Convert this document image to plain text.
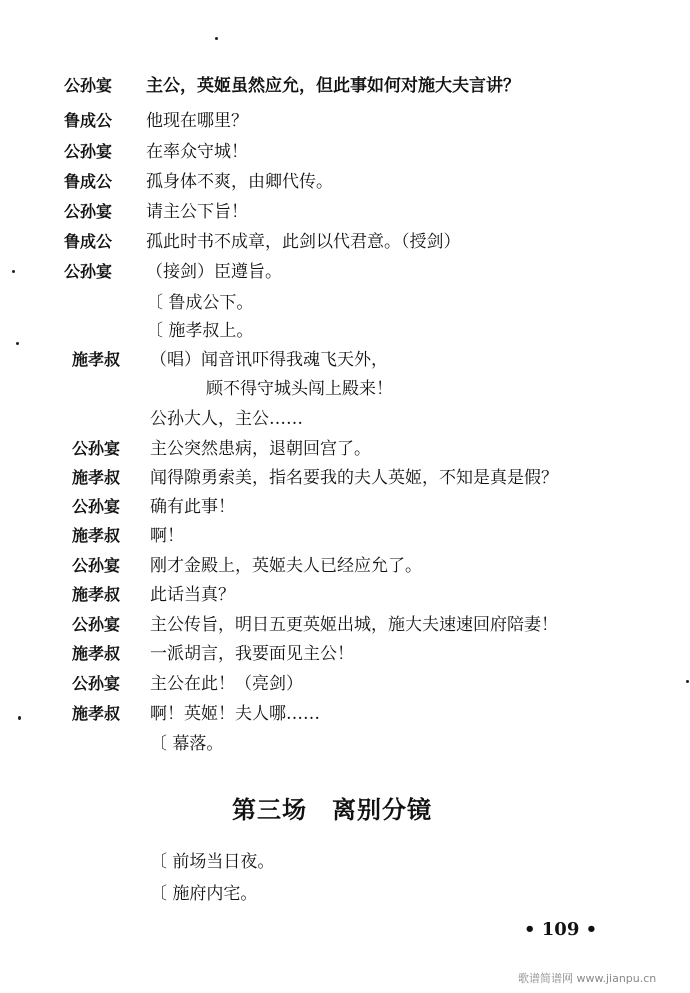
公孙宴 主公，英姬虽然应允，但此事如何对施大夫言讲？
鲁成公 他现在哪里？
公孙宴 在率众守城！
鲁成公 孤身体不爽，由卿代传。
公孙宴 请主公下旨！
鲁成公 孤此时书不成章，此剑以代君意。（授剑）
公孙宴 （接剑）臣遵旨。
〔 鲁成公下。
〔 施孝叔上。
施孝叔 （唱）闻音讯吓得我魂飞天外，
顾不得守城头闯上殿来！
公孙大人，主公……
公孙宴 主公突然患病，退朝回宫了。
施孝叔 闻得隙勇索美，指名要我的夫人英姬，不知是真是假？
公孙宴 确有此事！
施孝叔 啊！
公孙宴 刚才金殿上，英姬夫人已经应允了。
施孝叔 此话当真？
公孙宴 主公传旨，明日五更英姬出城，施大夫速速回府陪妻！
施孝叔 一派胡言，我要面见主公！
公孙宴 主公在此！（亮剑）
施孝叔 啊！英姬！夫人哪……
〔 幕落。
第三场　离别分镜
〔 前场当日夜。
〔 施府内宅。
• 109 •
歌谱简谱网 www.jianpu.cn
